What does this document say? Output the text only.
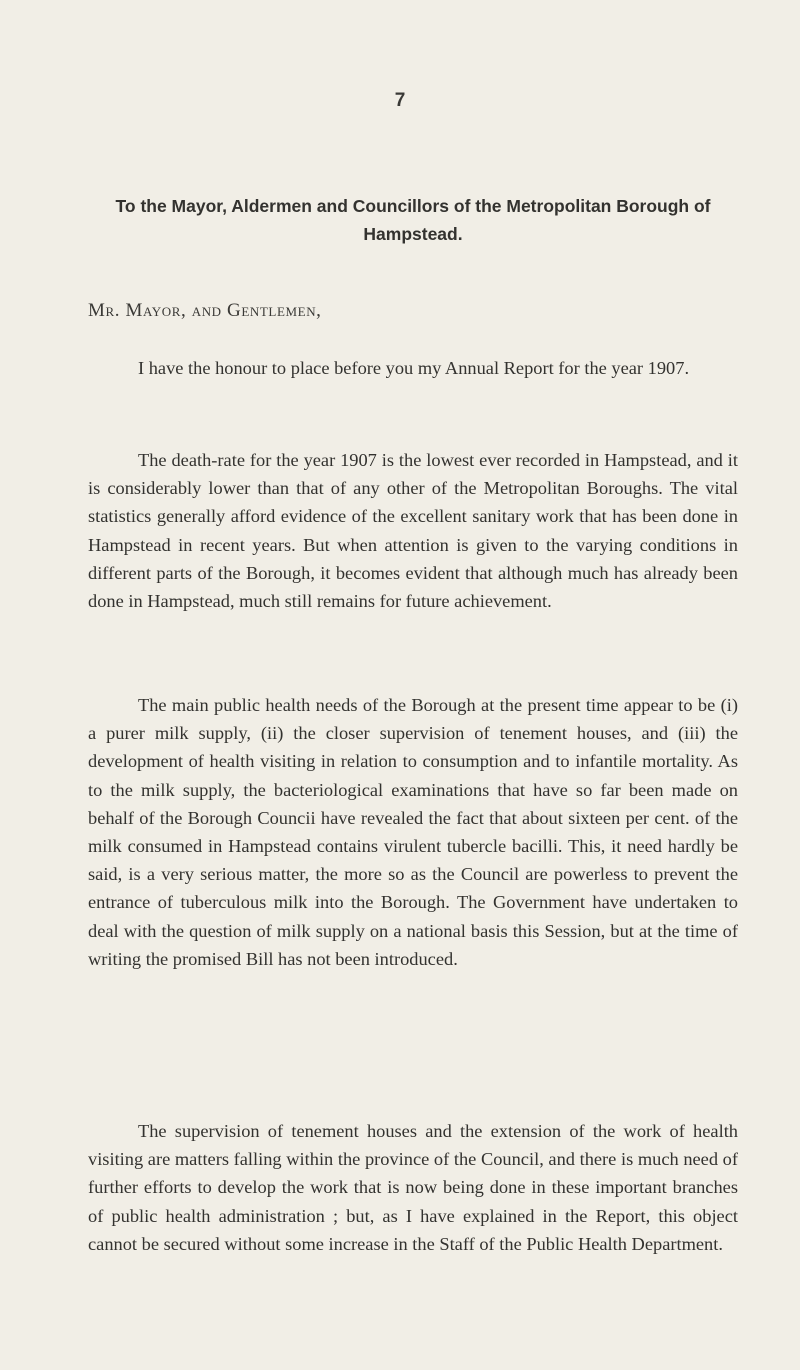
7
To the Mayor, Aldermen and Councillors of the Metropolitan Borough of Hampstead.
Mr. Mayor, and Gentlemen,

I have the honour to place before you my Annual Report for the year 1907.

The death-rate for the year 1907 is the lowest ever recorded in Hampstead, and it is considerably lower than that of any other of the Metropolitan Boroughs. The vital statistics generally afford evidence of the excellent sanitary work that has been done in Hampstead in recent years. But when attention is given to the varying conditions in different parts of the Borough, it becomes evident that although much has already been done in Hampstead, much still remains for future achievement.

The main public health needs of the Borough at the present time appear to be (i) a purer milk supply, (ii) the closer supervision of tenement houses, and (iii) the development of health visiting in relation to consumption and to infantile mortality. As to the milk supply, the bacteriological examinations that have so far been made on behalf of the Borough Councii have revealed the fact that about sixteen per cent. of the milk consumed in Hampstead contains virulent tubercle bacilli. This, it need hardly be said, is a very serious matter, the more so as the Council are powerless to prevent the entrance of tuberculous milk into the Borough. The Government have undertaken to deal with the question of milk supply on a national basis this Session, but at the time of writing the promised Bill has not been introduced.

The supervision of tenement houses and the extension of the work of health visiting are matters falling within the province of the Council, and there is much need of further efforts to develop the work that is now being done in these important branches of public health administration ; but, as I have explained in the Report, this object cannot be secured without some increase in the Staff of the Public Health Department.
